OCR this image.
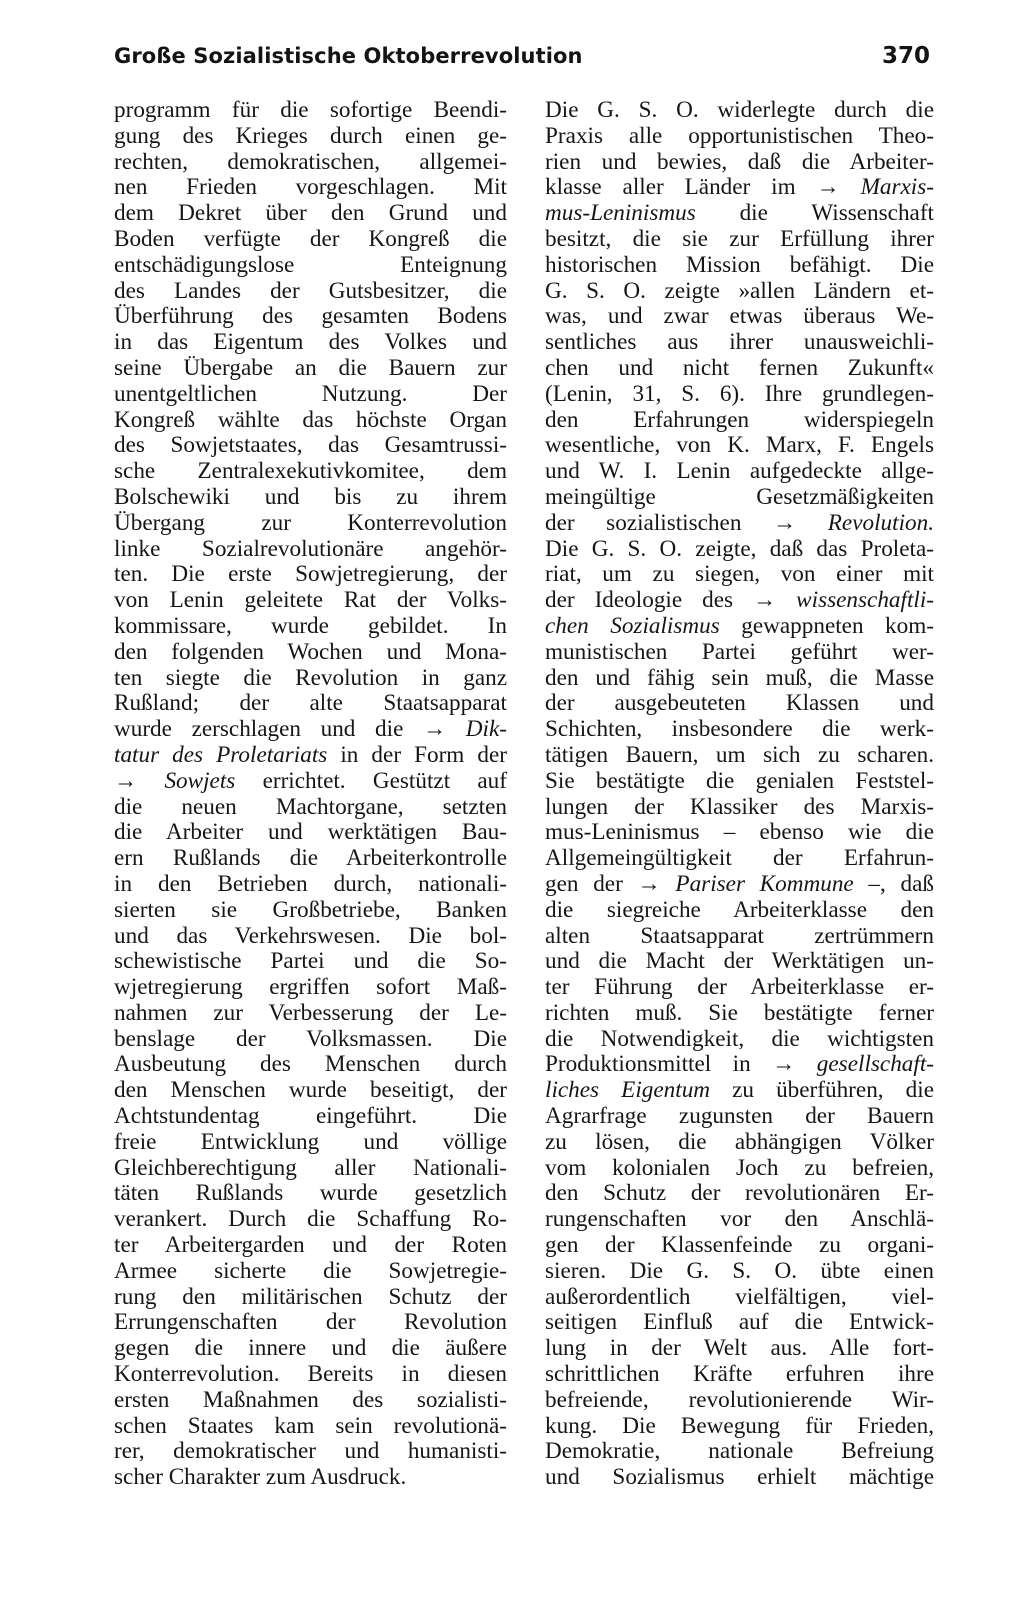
Große Sozialistische Oktoberrevolution	370
programm für die sofortige Beendi-
gung des Krieges durch einen ge-
rechten, demokratischen, allgemei-
nen Frieden vorgeschlagen. Mit
dem Dekret über den Grund und
Boden verfügte der Kongreß die
entschädigungslose Enteignung
des Landes der Gutsbesitzer, die
Überführung des gesamten Bodens
in das Eigentum des Volkes und
seine Übergabe an die Bauern zur
unentgeltlichen Nutzung. Der
Kongreß wählte das höchste Organ
des Sowjetstaates, das Gesamtrussi-
sche Zentralexekutivkomitee, dem
Bolschewiki und bis zu ihrem
Übergang zur Konterrevolution
linke Sozialrevolutionäre angehör-
ten. Die erste Sowjetregierung, der
von Lenin geleitete Rat der Volks-
kommissare, wurde gebildet. In
den folgenden Wochen und Mona-
ten siegte die Revolution in ganz
Rußland; der alte Staatsapparat
wurde zerschlagen und die → Dik-
tatur des Proletariats in der Form der
→ Sowjets errichtet. Gestützt auf
die neuen Machtorgane, setzten
die Arbeiter und werktätigen Bau-
ern Rußlands die Arbeiterkontrolle
in den Betrieben durch, nationali-
sierten sie Großbetriebe, Banken
und das Verkehrswesen. Die bol-
schewistische Partei und die So-
wjetregierung ergriffen sofort Maß-
nahmen zur Verbesserung der Le-
benslage der Volksmassen. Die
Ausbeutung des Menschen durch
den Menschen wurde beseitigt, der
Achtstundentag eingeführt. Die
freie Entwicklung und völlige
Gleichberechtigung aller Nationali-
täten Rußlands wurde gesetzlich
verankert. Durch die Schaffung Ro-
ter Arbeitergarden und der Roten
Armee sicherte die Sowjetregie-
rung den militärischen Schutz der
Errungenschaften der Revolution
gegen die innere und die äußere
Konterrevolution. Bereits in diesen
ersten Maßnahmen des sozialisti-
schen Staates kam sein revolutionä-
rer, demokratischer und humanisti-
scher Charakter zum Ausdruck.
Die G. S. O. widerlegte durch die
Praxis alle opportunistischen Theo-
rien und bewies, daß die Arbeiter-
klasse aller Länder im → Marxis-
mus-Leninismus die Wissenschaft
besitzt, die sie zur Erfüllung ihrer
historischen Mission befähigt. Die
G. S. O. zeigte »allen Ländern et-
was, und zwar etwas überaus We-
sentliches aus ihrer unausweichli-
chen und nicht fernen Zukunft«
(Lenin, 31, S. 6). Ihre grundlegen-
den Erfahrungen widerspiegeln
wesentliche, von K. Marx, F. Engels
und W. I. Lenin aufgedeckte allge-
meingültige Gesetzmäßigkeiten
der sozialistischen → Revolution.
Die G. S. O. zeigte, daß das Proleta-
riat, um zu siegen, von einer mit
der Ideologie des → wissenschaftli-
chen Sozialismus gewappneten kom-
munistischen Partei geführt wer-
den und fähig sein muß, die Masse
der ausgebeuteten Klassen und
Schichten, insbesondere die werk-
tätigen Bauern, um sich zu scharen.
Sie bestätigte die genialen Feststel-
lungen der Klassiker des Marxis-
mus-Leninismus – ebenso wie die
Allgemeingültigkeit der Erfahrun-
gen der → Pariser Kommune –, daß
die siegreiche Arbeiterklasse den
alten Staatsapparat zertrümmern
und die Macht der Werktätigen un-
ter Führung der Arbeiterklasse er-
richten muß. Sie bestätigte ferner
die Notwendigkeit, die wichtigsten
Produktionsmittel in → gesellschaft-
liches Eigentum zu überführen, die
Agrarfrage zugunsten der Bauern
zu lösen, die abhängigen Völker
vom kolonialen Joch zu befreien,
den Schutz der revolutionären Er-
rungenschaften vor den Anschlä-
gen der Klassenfeinde zu organi-
sieren. Die G. S. O. übte einen
außerordentlich vielfältigen, viel-
seitigen Einfluß auf die Entwick-
lung in der Welt aus. Alle fort-
schrittlichen Kräfte erfuhren ihre
befreiende, revolutionierende Wir-
kung. Die Bewegung für Frieden,
Demokratie, nationale Befreiung
und Sozialismus erhielt mächtige
